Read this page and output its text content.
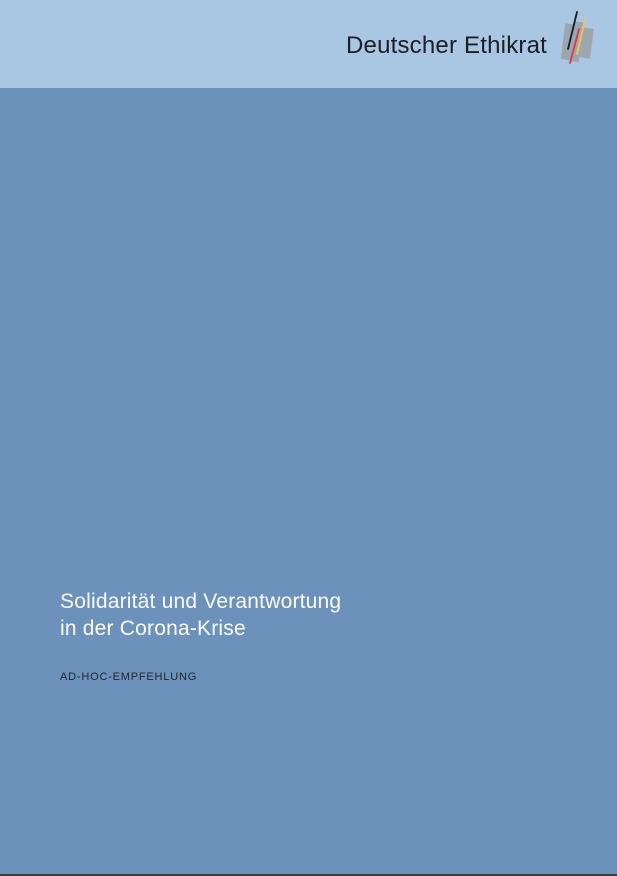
Deutscher Ethikrat
Solidarität und Verantwortung
in der Corona-Krise
AD-HOC-EMPFEHLUNG
